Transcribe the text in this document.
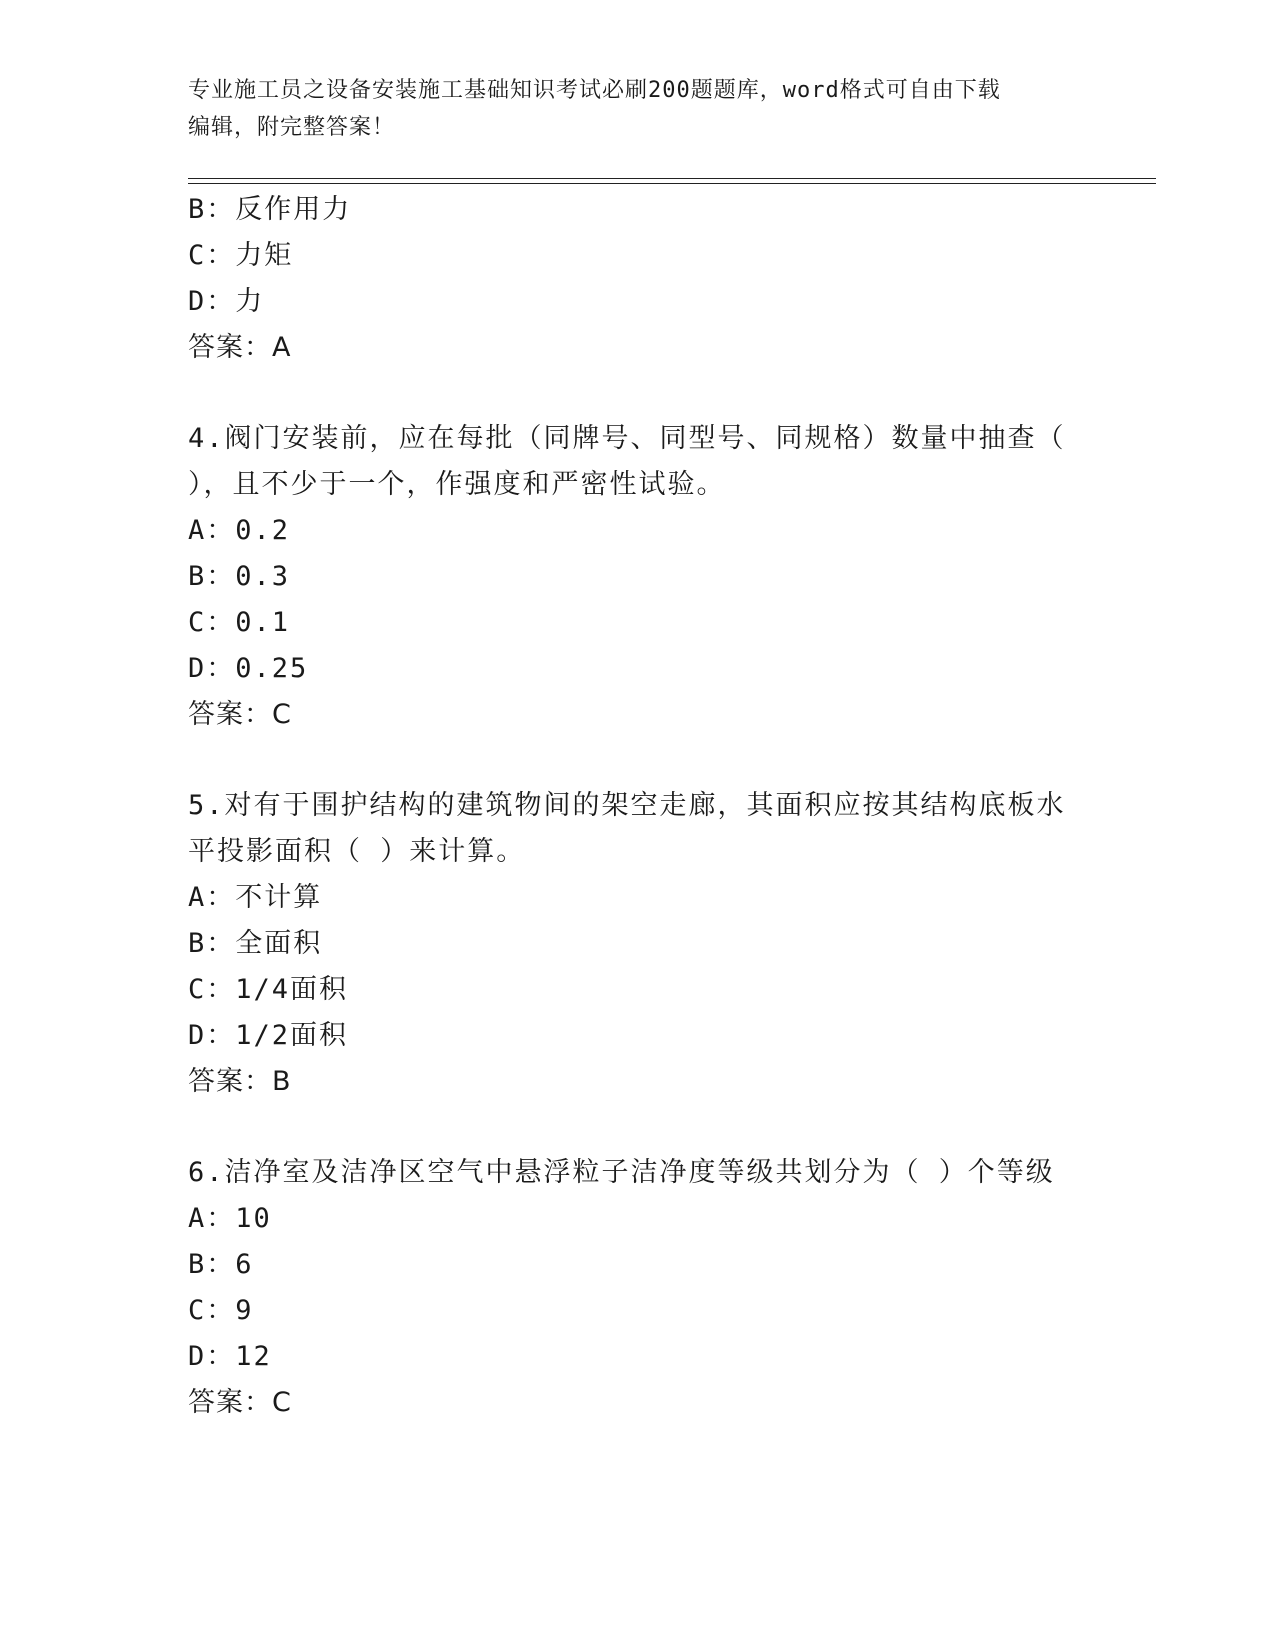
专业施工员之设备安装施工基础知识考试必刷200题题库，word格式可自由下载
编辑，附完整答案！
B：反作用力
C：力矩
D：力
答案：A
4.阀门安装前，应在每批（同牌号、同型号、同规格）数量中抽查（
），且不少于一个，作强度和严密性试验。
A：0.2
B：0.3
C：0.1
D：0.25
答案：C
5.对有于围护结构的建筑物间的架空走廊，其面积应按其结构底板水
平投影面积（ ）来计算。
A：不计算
B：全面积
C：1/4面积
D：1/2面积
答案：B
6.洁净室及洁净区空气中悬浮粒子洁净度等级共划分为（ ）个等级
A：10
B：6
C：9
D：12
答案：C
